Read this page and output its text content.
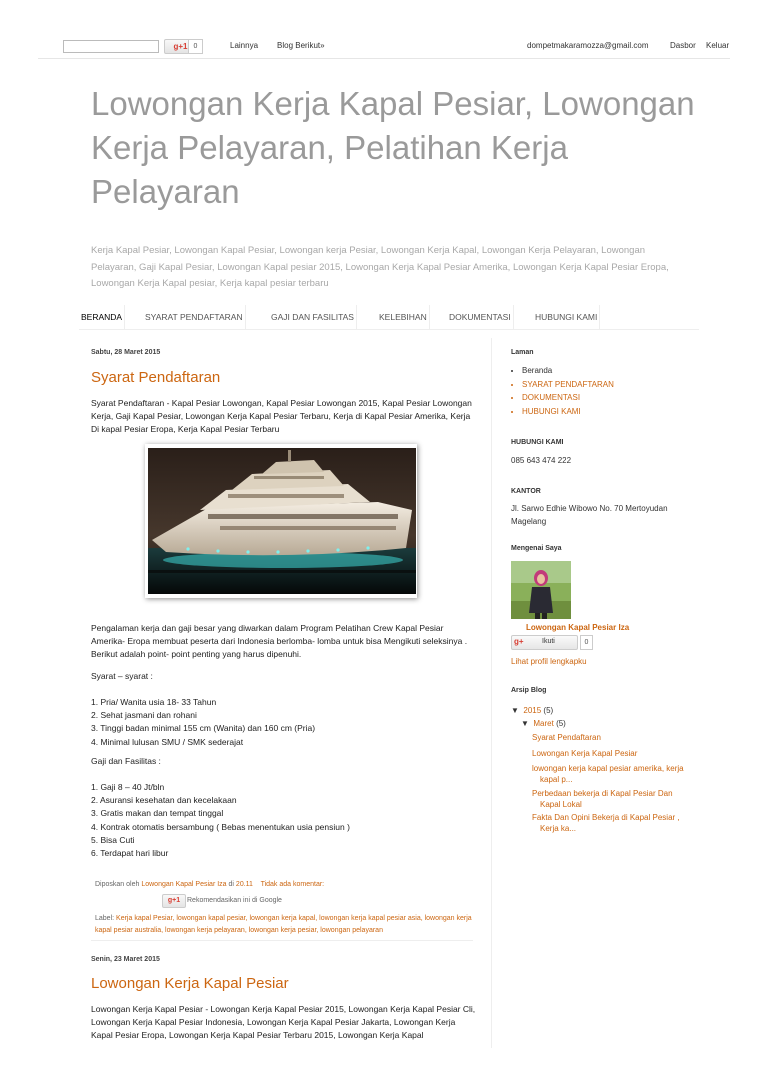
g+1 0	Lainnya Blog Berikut»	dompetmakaramozza@gmail.com	Dasbor Keluar
Lowongan Kerja Kapal Pesiar, Lowongan Kerja Pelayaran, Pelatihan Kerja Pelayaran

Kerja Kapal Pesiar, Lowongan Kapal Pesiar, Lowongan kerja Pesiar, Lowongan Kerja Kapal, Lowongan Kerja Pelayaran, Lowongan Pelayaran, Gaji Kapal Pesiar, Lowongan Kapal pesiar 2015, Lowongan Kerja Kapal Pesiar Amerika, Lowongan Kerja Kapal Pesiar Eropa, Lowongan Kerja Kapal pesiar, Kerja kapal pesiar terbaru

BERANDA	SYARAT PENDAFTARAN	GAJI DAN FASILITAS	KELEBIHAN	DOKUMENTASI	HUBUNGI KAMI
Sabtu, 28 Maret 2015
Syarat Pendaftaran

Syarat Pendaftaran - Kapal Pesiar Lowongan, Kapal Pesiar Lowongan 2015, Kapal Pesiar Lowongan Kerja, Gaji Kapal Pesiar, Lowongan Kerja Kapal Pesiar Terbaru, Kerja di Kapal Pesiar Amerika, Kerja Di kapal Pesiar Eropa, Kerja Kapal Pesiar Terbaru

Pengalaman kerja dan gaji besar yang diwarkan dalam Program Pelatihan Crew Kapal Pesiar Amerika- Eropa membuat peserta dari Indonesia berlomba- lomba untuk bisa Mengikuti seleksinya . Berikut adalah point- point penting yang harus dipenuhi.

Syarat – syarat :

1. Pria/ Wanita usia 18- 33 Tahun

2. Sehat jasmani dan rohani

3. Tinggi badan minimal 155 cm (Wanita) dan 160 cm (Pria)

4. Minimal lulusan SMU / SMK sederajat

Gaji dan Fasilitas :

1. Gaji 8 – 40 Jt/bln

2. Asuransi kesehatan dan kecelakaan

3. Gratis makan dan tempat tinggal

4. Kontrak otomatis bersambung ( Bebas menentukan usia pensiun )

5. Bisa Cuti

6. Terdapat hari libur

Diposkan oleh Lowongan Kapal Pesiar Iza di 20.11 Tidak ada komentar:
g+1 Rekomendasikan ini di Google
Label: Kerja kapal Pesiar, lowongan kapal pesiar, lowongan kerja kapal, lowongan kerja kapal pesiar asia, lowongan kerja kapal pesiar australia, lowongan kerja pelayaran, lowongan kerja pesiar, lowongan pelayaran
Senin, 23 Maret 2015
Lowongan Kerja Kapal Pesiar

Lowongan Kerja Kapal Pesiar - Lowongan Kerja Kapal Pesiar 2015, Lowongan Kerja Kapal Pesiar Cli, Lowongan Kerja Kapal Pesiar Indonesia, Lowongan Kerja Kapal Pesiar Jakarta, Lowongan Kerja Kapal Pesiar Eropa, Lowongan Kerja Kapal Pesiar Terbaru 2015, Lowongan Kerja Kapal

Laman
• Beranda
• SYARAT PENDAFTARAN
• DOKUMENTASI
• HUBUNGI KAMI
HUBUNGI KAMI
085 643 474 222
KANTOR
Jl. Sarwo Edhie Wibowo No. 70 Mertoyudan Magelang
Mengenai Saya
Lowongan Kapal Pesiar Iza
g+	Ikuti	0
Lihat profil lengkapku
Arsip Blog
▼ 2015 (5)
▼ Maret (5)
Syarat Pendaftaran
Lowongan Kerja Kapal Pesiar
lowongan kerja kapal pesiar amerika, kerja kapal p...
Perbedaan bekerja di Kapal Pesiar Dan Kapal Lokal
Fakta Dan Opini Bekerja di Kapal Pesiar , Kerja ka...
